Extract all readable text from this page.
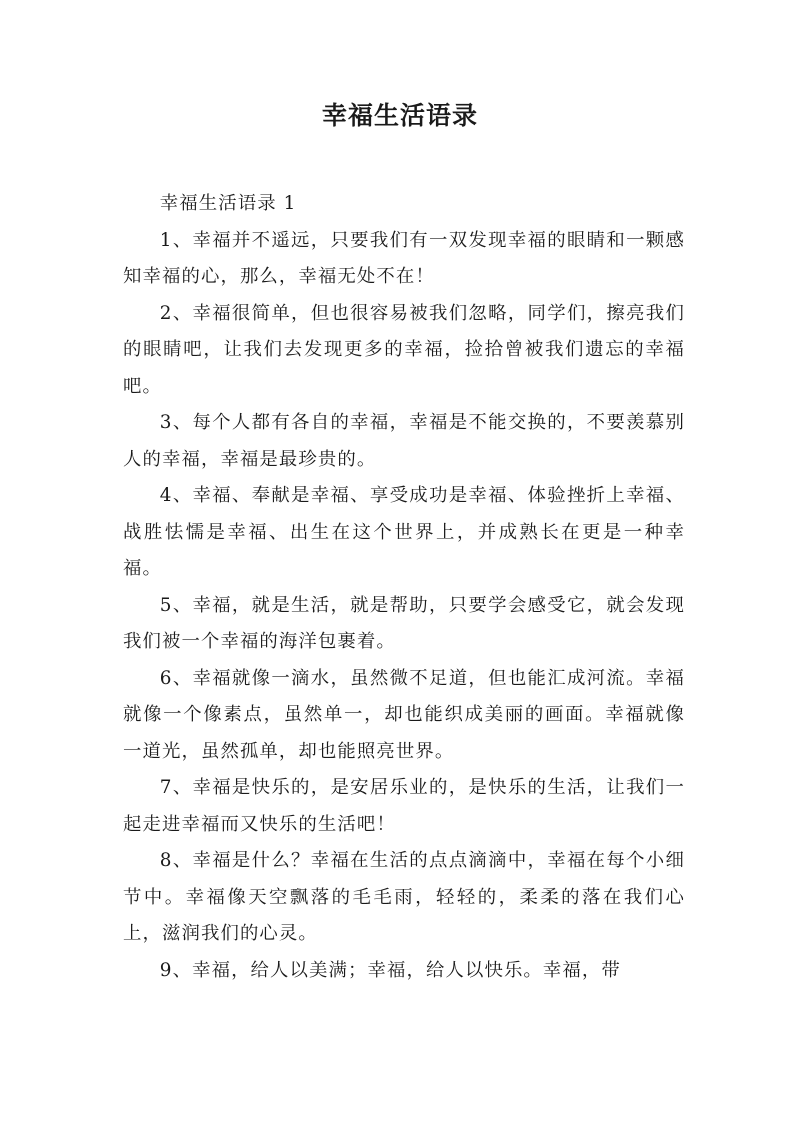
幸福生活语录

幸福生活语录 1

1、幸福并不遥远，只要我们有一双发现幸福的眼睛和一颗感知幸福的心，那么，幸福无处不在！

2、幸福很简单，但也很容易被我们忽略，同学们，擦亮我们的眼睛吧，让我们去发现更多的幸福，捡拾曾被我们遗忘的幸福吧。

3、每个人都有各自的幸福，幸福是不能交换的，不要羡慕别人的幸福，幸福是最珍贵的。

4、幸福、奉献是幸福、享受成功是幸福、体验挫折上幸福、战胜怯懦是幸福、出生在这个世界上，并成熟长在更是一种幸福。

5、幸福，就是生活，就是帮助，只要学会感受它，就会发现我们被一个幸福的海洋包裹着。

6、幸福就像一滴水，虽然微不足道，但也能汇成河流。幸福就像一个像素点，虽然单一，却也能织成美丽的画面。幸福就像一道光，虽然孤单，却也能照亮世界。

7、幸福是快乐的，是安居乐业的，是快乐的生活，让我们一起走进幸福而又快乐的生活吧！

8、幸福是什么？幸福在生活的点点滴滴中，幸福在每个小细节中。幸福像天空飘落的毛毛雨，轻轻的，柔柔的落在我们心上，滋润我们的心灵。

9、幸福，给人以美满；幸福，给人以快乐。幸福，带
